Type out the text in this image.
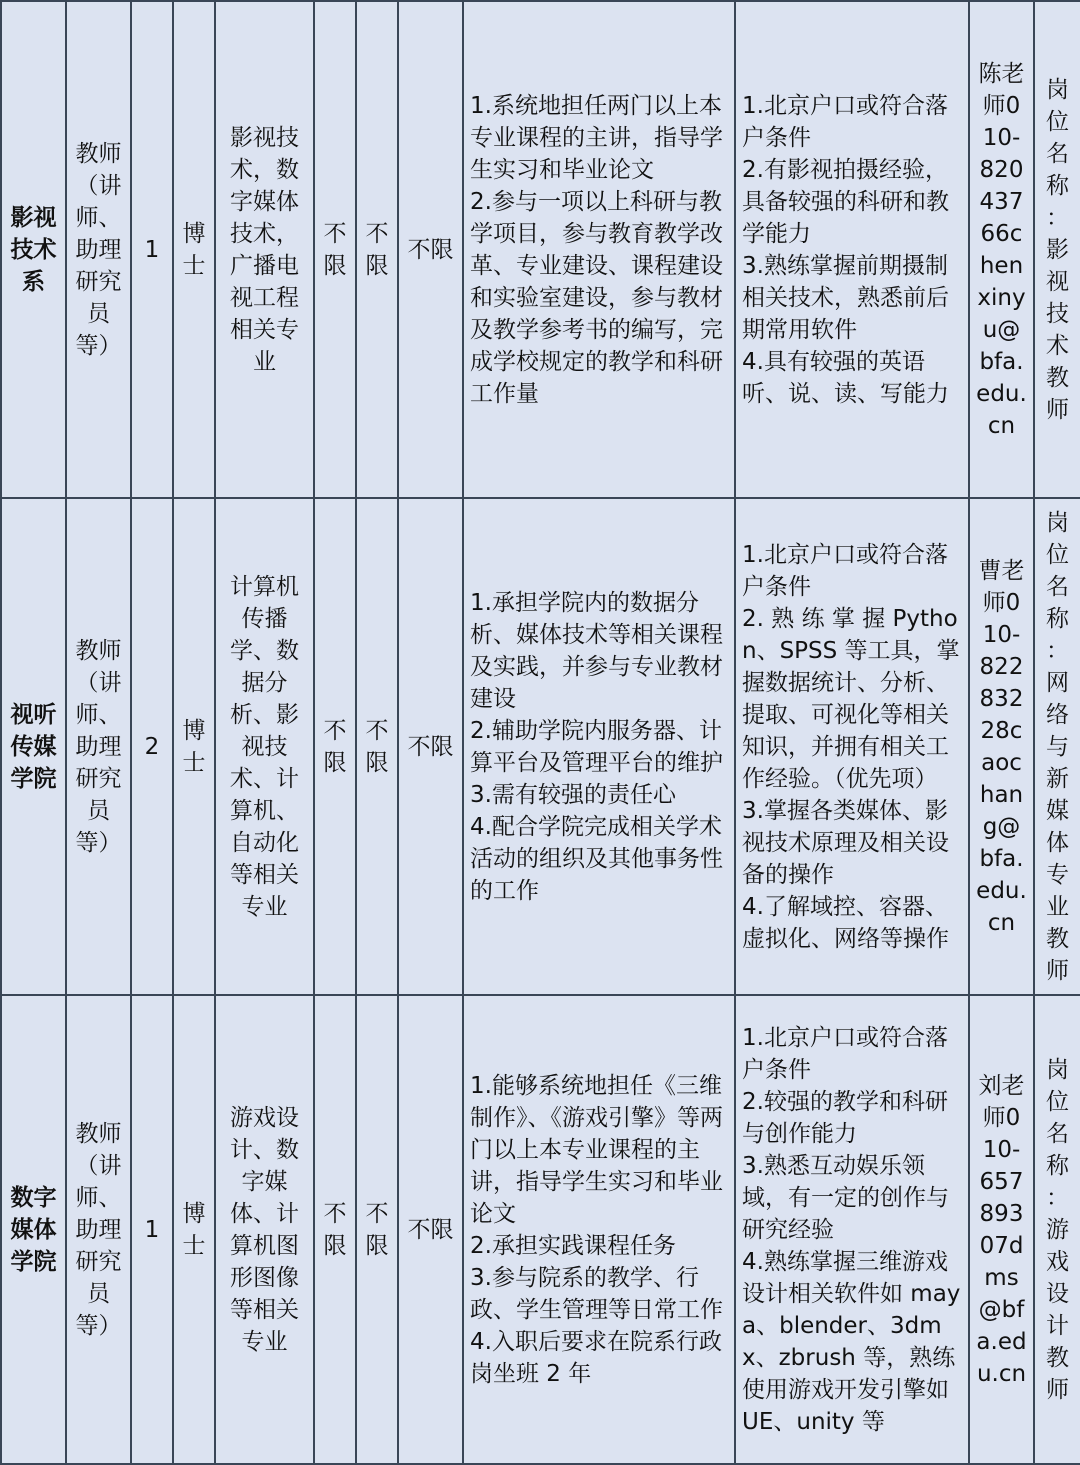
影视技术系	教师（讲师、助理研究员等）	1	博士	影视技术，数字媒体技术，广播电视工程相关专业	不限	不限	不限	1.系统地担任两门以上本专业课程的主讲，指导学生实习和毕业论文
2.参与一项以上科研与教学项目，参与教育教学改革、专业建设、课程建设和实验室建设，参与教材及教学参考书的编写，完成学校规定的教学和科研工作量	1.北京户口或符合落户条件
2.有影视拍摄经验，具备较强的科研和教学能力
3.熟练掌握前期摄制相关技术，熟悉前后期常用软件
4.具有较强的英语听、说、读、写能力	陈老师010-82043766chenxinyu@bfa.edu.cn	岗位名称：影视技术教师
视听传媒学院	教师（讲师、助理研究员等）	2	博士	计算机传播学、数据分析、影视技术、计算机、自动化等相关专业	不限	不限	不限	1.承担学院内的数据分析、媒体技术等相关课程及实践，并参与专业教材建设
2.辅助学院内服务器、计算平台及管理平台的维护
3.需有较强的责任心
4.配合学院完成相关学术活动的组织及其他事务性的工作	1.北京户口或符合落户条件
2. 熟 练 掌 握 Python、SPSS 等工具，掌握数据统计、分析、提取、可视化等相关知识，并拥有相关工作经验。（优先项）
3.掌握各类媒体、影视技术原理及相关设备的操作
4.了解域控、容器、虚拟化、网络等操作	曹老师010-82283228caochang@bfa.edu.cn	岗位名称：网络与新媒体专业教师
数字媒体学院	教师（讲师、助理研究员等）	1	博士	游戏设计、数字媒体、计算机图形图像等相关专业	不限	不限	不限	1.能够系统地担任《三维制作》、《游戏引擎》等两门以上本专业课程的主讲，指导学生实习和毕业论文
2.承担实践课程任务
3.参与院系的教学、行政、学生管理等日常工作
4.入职后要求在院系行政岗坐班 2 年	1.北京户口或符合落户条件
2.较强的教学和科研与创作能力
3.熟悉互动娱乐领域，有一定的创作与研究经验
4.熟练掌握三维游戏设计相关软件如 maya、blender、3dmx、zbrush 等，熟练使用游戏开发引擎如 UE、unity 等	刘老师010-65789307dms@bfa.edu.cn	岗位名称：游戏设计教师
